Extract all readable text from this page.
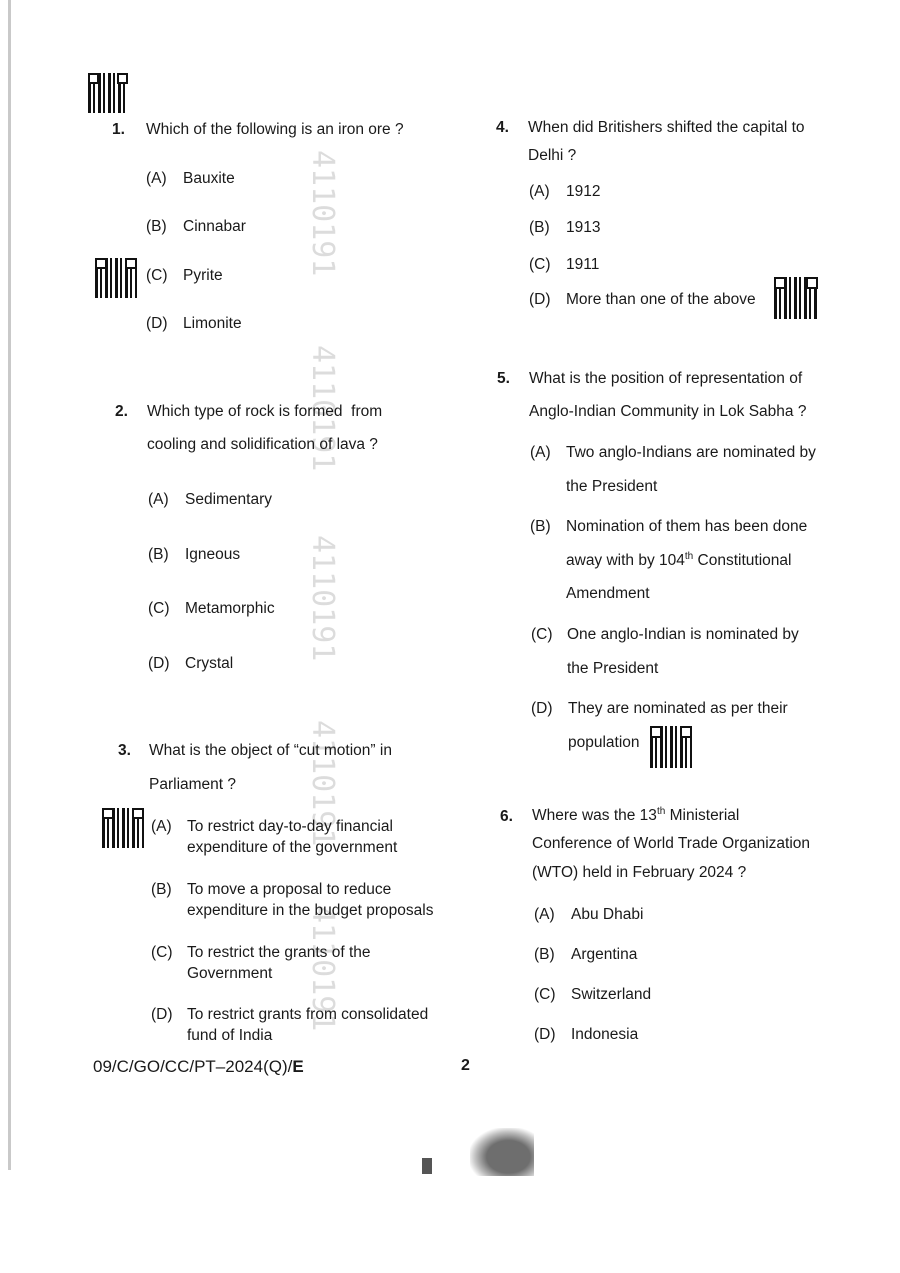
41101​91
41101​91
41101​91
41101​91
41101​91
1. Which of the following is an iron ore ?
(A) Bauxite
(B) Cinnabar
(C) Pyrite
(D) Limonite
2. Which type of rock is formed  from
cooling and solidification of lava ?
(A) Sedimentary
(B) Igneous
(C) Metamorphic
(D) Crystal
3. What is the object of “cut motion” in
Parliament ?
(A) To restrict day-to-day financial
expenditure of the government
(B) To move a proposal to reduce
expenditure in the budget proposals
(C) To restrict the grants of the
Government
(D) To restrict grants from consolidated
fund of India
4. When did Britishers shifted the capital to
Delhi ?
(A) 1912
(B) 1913
(C) 1911
(D) More than one of the above
5. What is the position of representation of
Anglo-Indian Community in Lok Sabha ?
(A) Two anglo-Indians are nominated by
the President
(B) Nomination of them has been done
away with by 104th Constitutional
Amendment
(C) One anglo-Indian is nominated by
the President
(D) They are nominated as per their
population
6. Where was the 13th Ministerial
Conference of World Trade Organization
(WTO) held in February 2024 ?
(A) Abu Dhabi
(B) Argentina
(C) Switzerland
(D) Indonesia
09/C/GO/CC/PT–2024(Q)/E	2
